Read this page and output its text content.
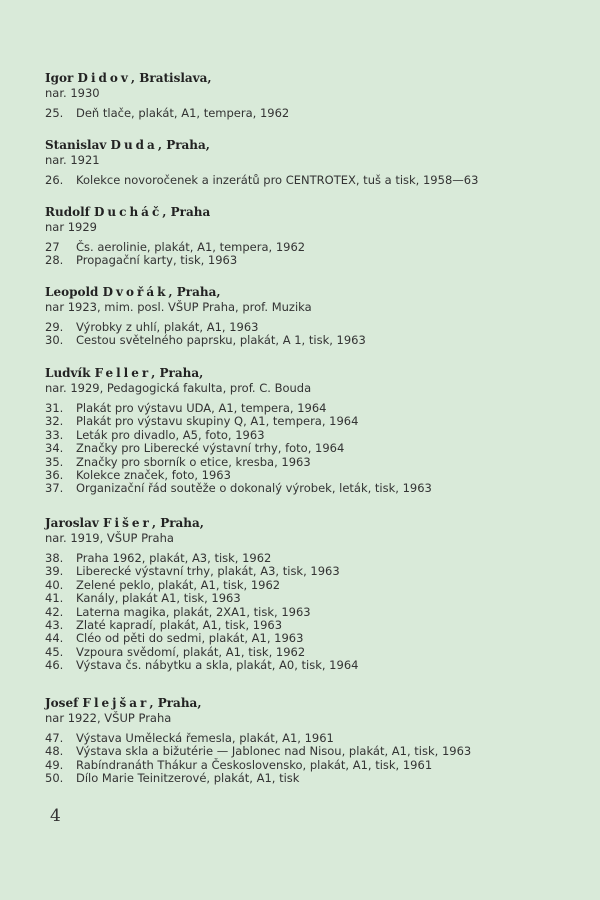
Igor Didov, Bratislava,
nar. 1930
25. Deň tlače, plakát, A1, tempera, 1962
Stanislav Duda, Praha,
nar. 1921
26. Kolekce novoročenek a inzerátů pro CENTROTEX, tuš a tisk, 1958—63
Rudolf Ducháč, Praha
nar 1929
27 Čs. aerolinie, plakát, A1, tempera, 1962
28. Propagační karty, tisk, 1963
Leopold Dvořák, Praha,
nar 1923, mim. posl. VŠUP Praha, prof. Muzika
29. Výrobky z uhlí, plakát, A1, 1963
30. Cestou světelného paprsku, plakát, A 1, tisk, 1963
Ludvík Feller, Praha,
nar. 1929, Pedagogická fakulta, prof. C. Bouda
31. Plakát pro výstavu UDA, A1, tempera, 1964
32. Plakát pro výstavu skupiny Q, A1, tempera, 1964
33. Leták pro divadlo, A5, foto, 1963
34. Značky pro Liberecké výstavní trhy, foto, 1964
35. Značky pro sborník o etice, kresba, 1963
36. Kolekce značek, foto, 1963
37. Organizační řád soutěže o dokonalý výrobek, leták, tisk, 1963
Jaroslav Fišer, Praha,
nar. 1919, VŠUP Praha
38. Praha 1962, plakát, A3, tisk, 1962
39. Liberecké výstavní trhy, plakát, A3, tisk, 1963
40. Zelené peklo, plakát, A1, tisk, 1962
41. Kanály, plakát A1, tisk, 1963
42. Laterna magika, plakát, 2XA1, tisk, 1963
43. Zlaté kapradí, plakát, A1, tisk, 1963
44. Cléo od pěti do sedmi, plakát, A1, 1963
45. Vzpoura svědomí, plakát, A1, tisk, 1962
46. Výstava čs. nábytku a skla, plakát, A0, tisk, 1964
Josef Flejšar, Praha,
nar 1922, VŠUP Praha
47. Výstava Umělecká řemesla, plakát, A1, 1961
48. Výstava skla a bižutérie — Jablonec nad Nisou, plakát, A1, tisk, 1963
49. Rabíndranáth Thákur a Československo, plakát, A1, tisk, 1961
50. Dílo Marie Teinitzerové, plakát, A1, tisk
4
